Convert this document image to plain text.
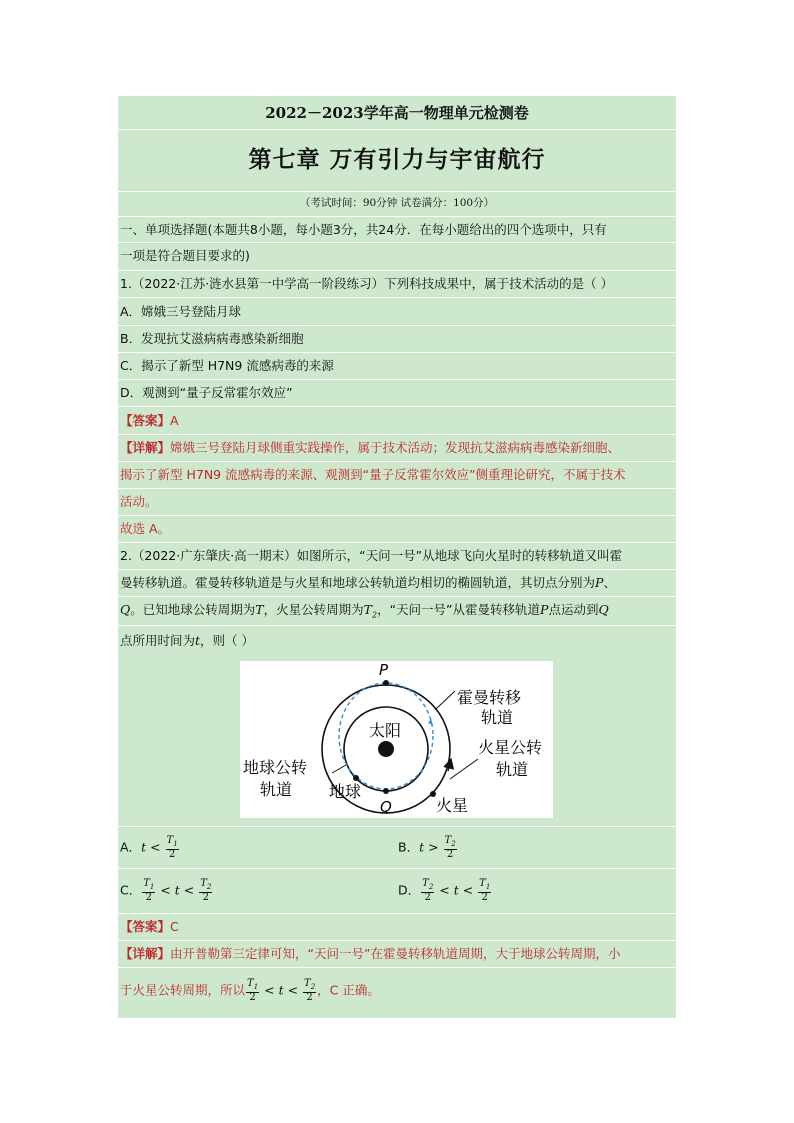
2022－2023学年高一物理单元检测卷
第七章 万有引力与宇宙航行
（考试时间：90分钟 试卷满分：100分）
一、单项选择题(本题共8小题，每小题3分，共24分．在每小题给出的四个选项中，只有
一项是符合题目要求的)
1.（2022·江苏·涟水县第一中学高一阶段练习）下列科技成果中，属于技术活动的是（ ）
A．嫦娥三号登陆月球
B．发现抗艾滋病病毒感染新细胞
C．揭示了新型 H7N9 流感病毒的来源
D．观测到“量子反常霍尔效应”
【答案】A
【详解】嫦娥三号登陆月球侧重实践操作，属于技术活动；发现抗艾滋病病毒感染新细胞、
揭示了新型 H7N9 流感病毒的来源、观测到“量子反常霍尔效应”侧重理论研究，不属于技术
活动。
故选 A。
2.（2022·广东肇庆·高一期末）如图所示，“天问一号”从地球飞向火星时的转移轨道又叫霍
曼转移轨道。霍曼转移轨道是与火星和地球公转轨道均相切的椭圆轨道，其切点分别为P、
Q。已知地球公转周期为T，火星公转周期为$T_2$，“天问一号”从霍曼转移轨道P点运动到Q
点所用时间为t，则（ ）
P
Q
太阳
霍曼转移
轨道
火星公转
轨道
地球公转
轨道 地球
火星
A．$t < \frac{T_1}{2}$	B．$t > \frac{T_2}{2}$
C． $\frac{T_1}{2} < t < \frac{T_2}{2}$	D． $\frac{T_2}{2} < t < \frac{T_1}{2}$
【答案】C
【详解】由开普勒第三定律可知，“天问一号”在霍曼转移轨道周期，大于地球公转周期，小
于火星公转周期，所以 $\frac{T_1}{2} < t < \frac{T_2}{2}$ ，C 正确。
